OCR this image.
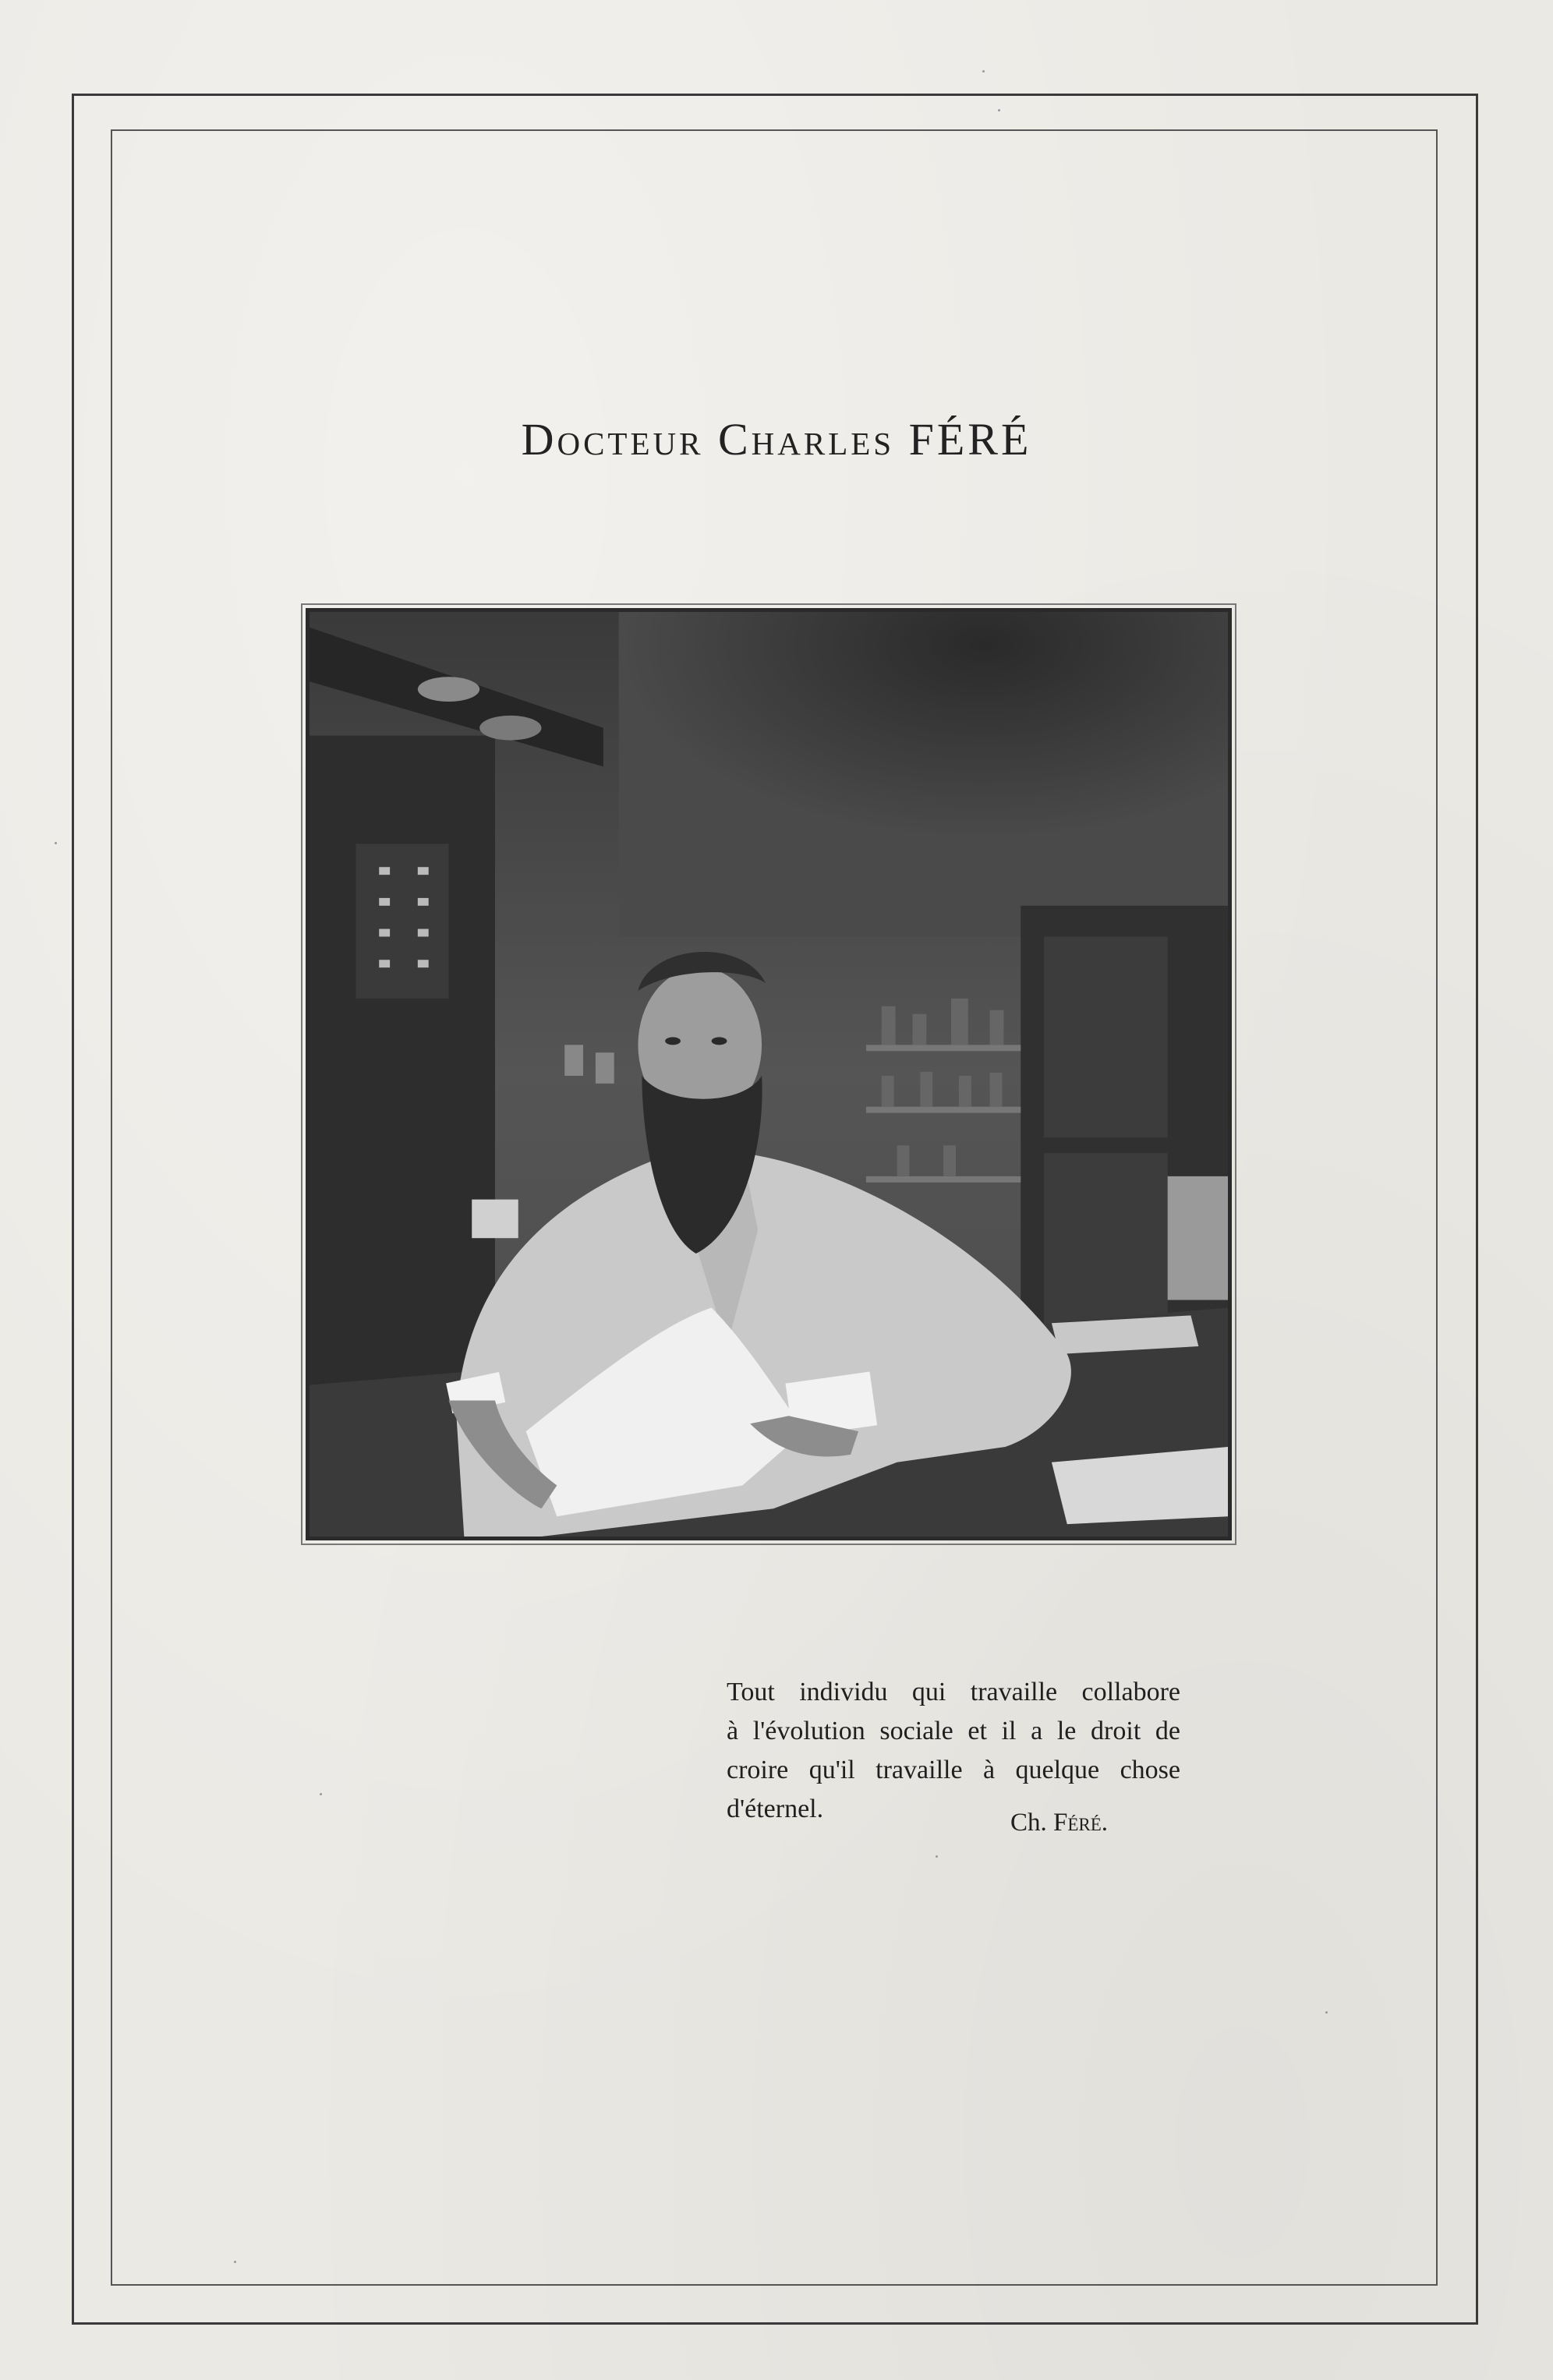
Docteur Charles FÉRÉ
Tout individu qui travaille collabore
à l'évolution sociale et il a le droit de
croire qu'il travaille à quelque chose
d'éternel.	Ch. Féré.
